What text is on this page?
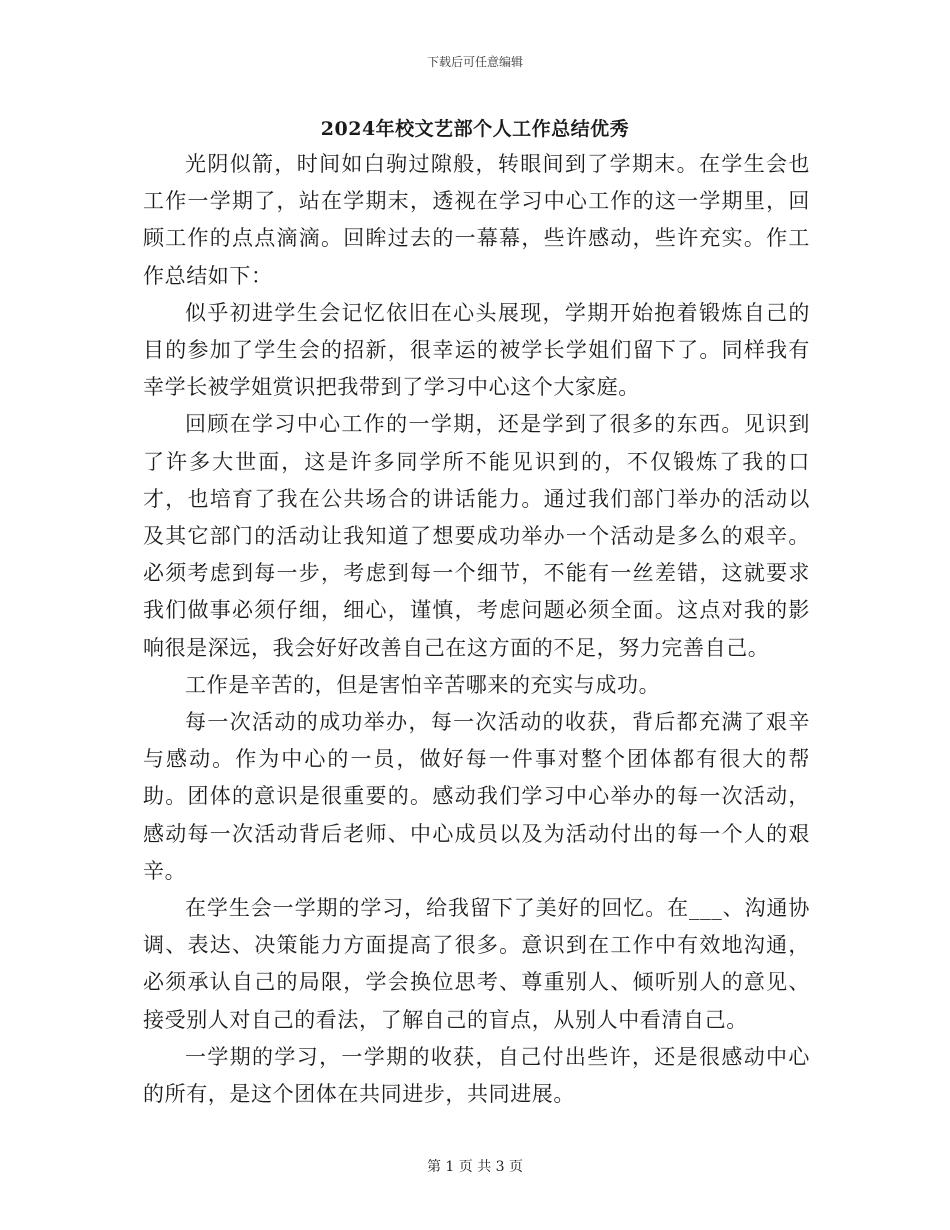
下载后可任意编辑
2024年校文艺部个人工作总结优秀

光阴似箭，时间如白驹过隙般，转眼间到了学期末。在学生会也工作一学期了，站在学期末，透视在学习中心工作的这一学期里，回顾工作的点点滴滴。回眸过去的一幕幕，些许感动，些许充实。作工作总结如下：

似乎初进学生会记忆依旧在心头展现，学期开始抱着锻炼自己的目的参加了学生会的招新，很幸运的被学长学姐们留下了。同样我有幸学长被学姐赏识把我带到了学习中心这个大家庭。

回顾在学习中心工作的一学期，还是学到了很多的东西。见识到了许多大世面，这是许多同学所不能见识到的，不仅锻炼了我的口才，也培育了我在公共场合的讲话能力。通过我们部门举办的活动以及其它部门的活动让我知道了想要成功举办一个活动是多么的艰辛。必须考虑到每一步，考虑到每一个细节，不能有一丝差错，这就要求我们做事必须仔细，细心，谨慎，考虑问题必须全面。这点对我的影响很是深远，我会好好改善自己在这方面的不足，努力完善自己。

工作是辛苦的，但是害怕辛苦哪来的充实与成功。

每一次活动的成功举办，每一次活动的收获，背后都充满了艰辛与感动。作为中心的一员，做好每一件事对整个团体都有很大的帮助。团体的意识是很重要的。感动我们学习中心举办的每一次活动，感动每一次活动背后老师、中心成员以及为活动付出的每一个人的艰辛。

在学生会一学期的学习，给我留下了美好的回忆。在___、沟通协调、表达、决策能力方面提高了很多。意识到在工作中有效地沟通，必须承认自己的局限，学会换位思考、尊重别人、倾听别人的意见、接受别人对自己的看法，了解自己的盲点，从别人中看清自己。

一学期的学习，一学期的收获，自己付出些许，还是很感动中心的所有，是这个团体在共同进步，共同进展。

第 1 页 共 3 页
